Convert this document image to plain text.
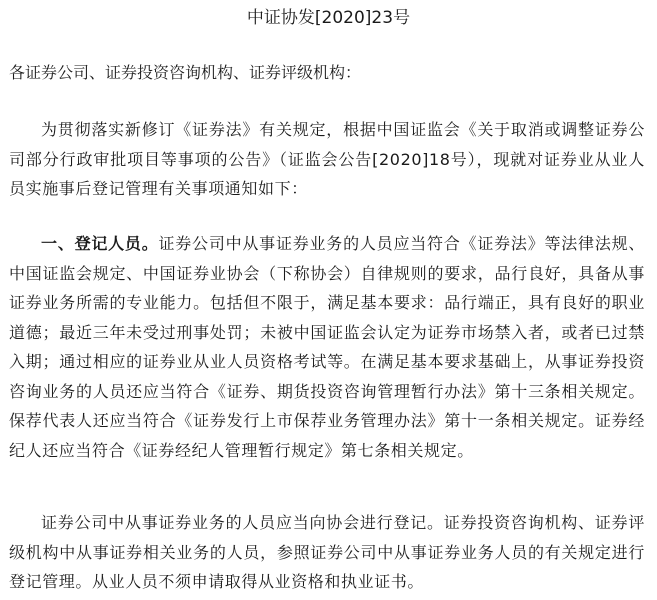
中证协发[2020]23号

各证券公司、证券投资咨询机构、证券评级机构：

为贯彻落实新修订《证券法》有关规定，根据中国证监会《关于取消或调整证券公司部分行政审批项目等事项的公告》（证监会公告[2020]18号），现就对证券业从业人员实施事后登记管理有关事项通知如下：

一、登记人员。证券公司中从事证券业务的人员应当符合《证券法》等法律法规、中国证监会规定、中国证券业协会（下称协会）自律规则的要求，品行良好，具备从事证券业务所需的专业能力。包括但不限于，满足基本要求：品行端正，具有良好的职业道德；最近三年未受过刑事处罚；未被中国证监会认定为证券市场禁入者，或者已过禁入期；通过相应的证券业从业人员资格考试等。在满足基本要求基础上，从事证券投资咨询业务的人员还应当符合《证券、期货投资咨询管理暂行办法》第十三条相关规定。保荐代表人还应当符合《证券发行上市保荐业务管理办法》第十一条相关规定。证券经纪人还应当符合《证券经纪人管理暂行规定》第七条相关规定。

证券公司中从事证券业务的人员应当向协会进行登记。证券投资咨询机构、证券评级机构中从事证券相关业务的人员，参照证券公司中从事证券业务人员的有关规定进行登记管理。从业人员不须申请取得从业资格和执业证书。
